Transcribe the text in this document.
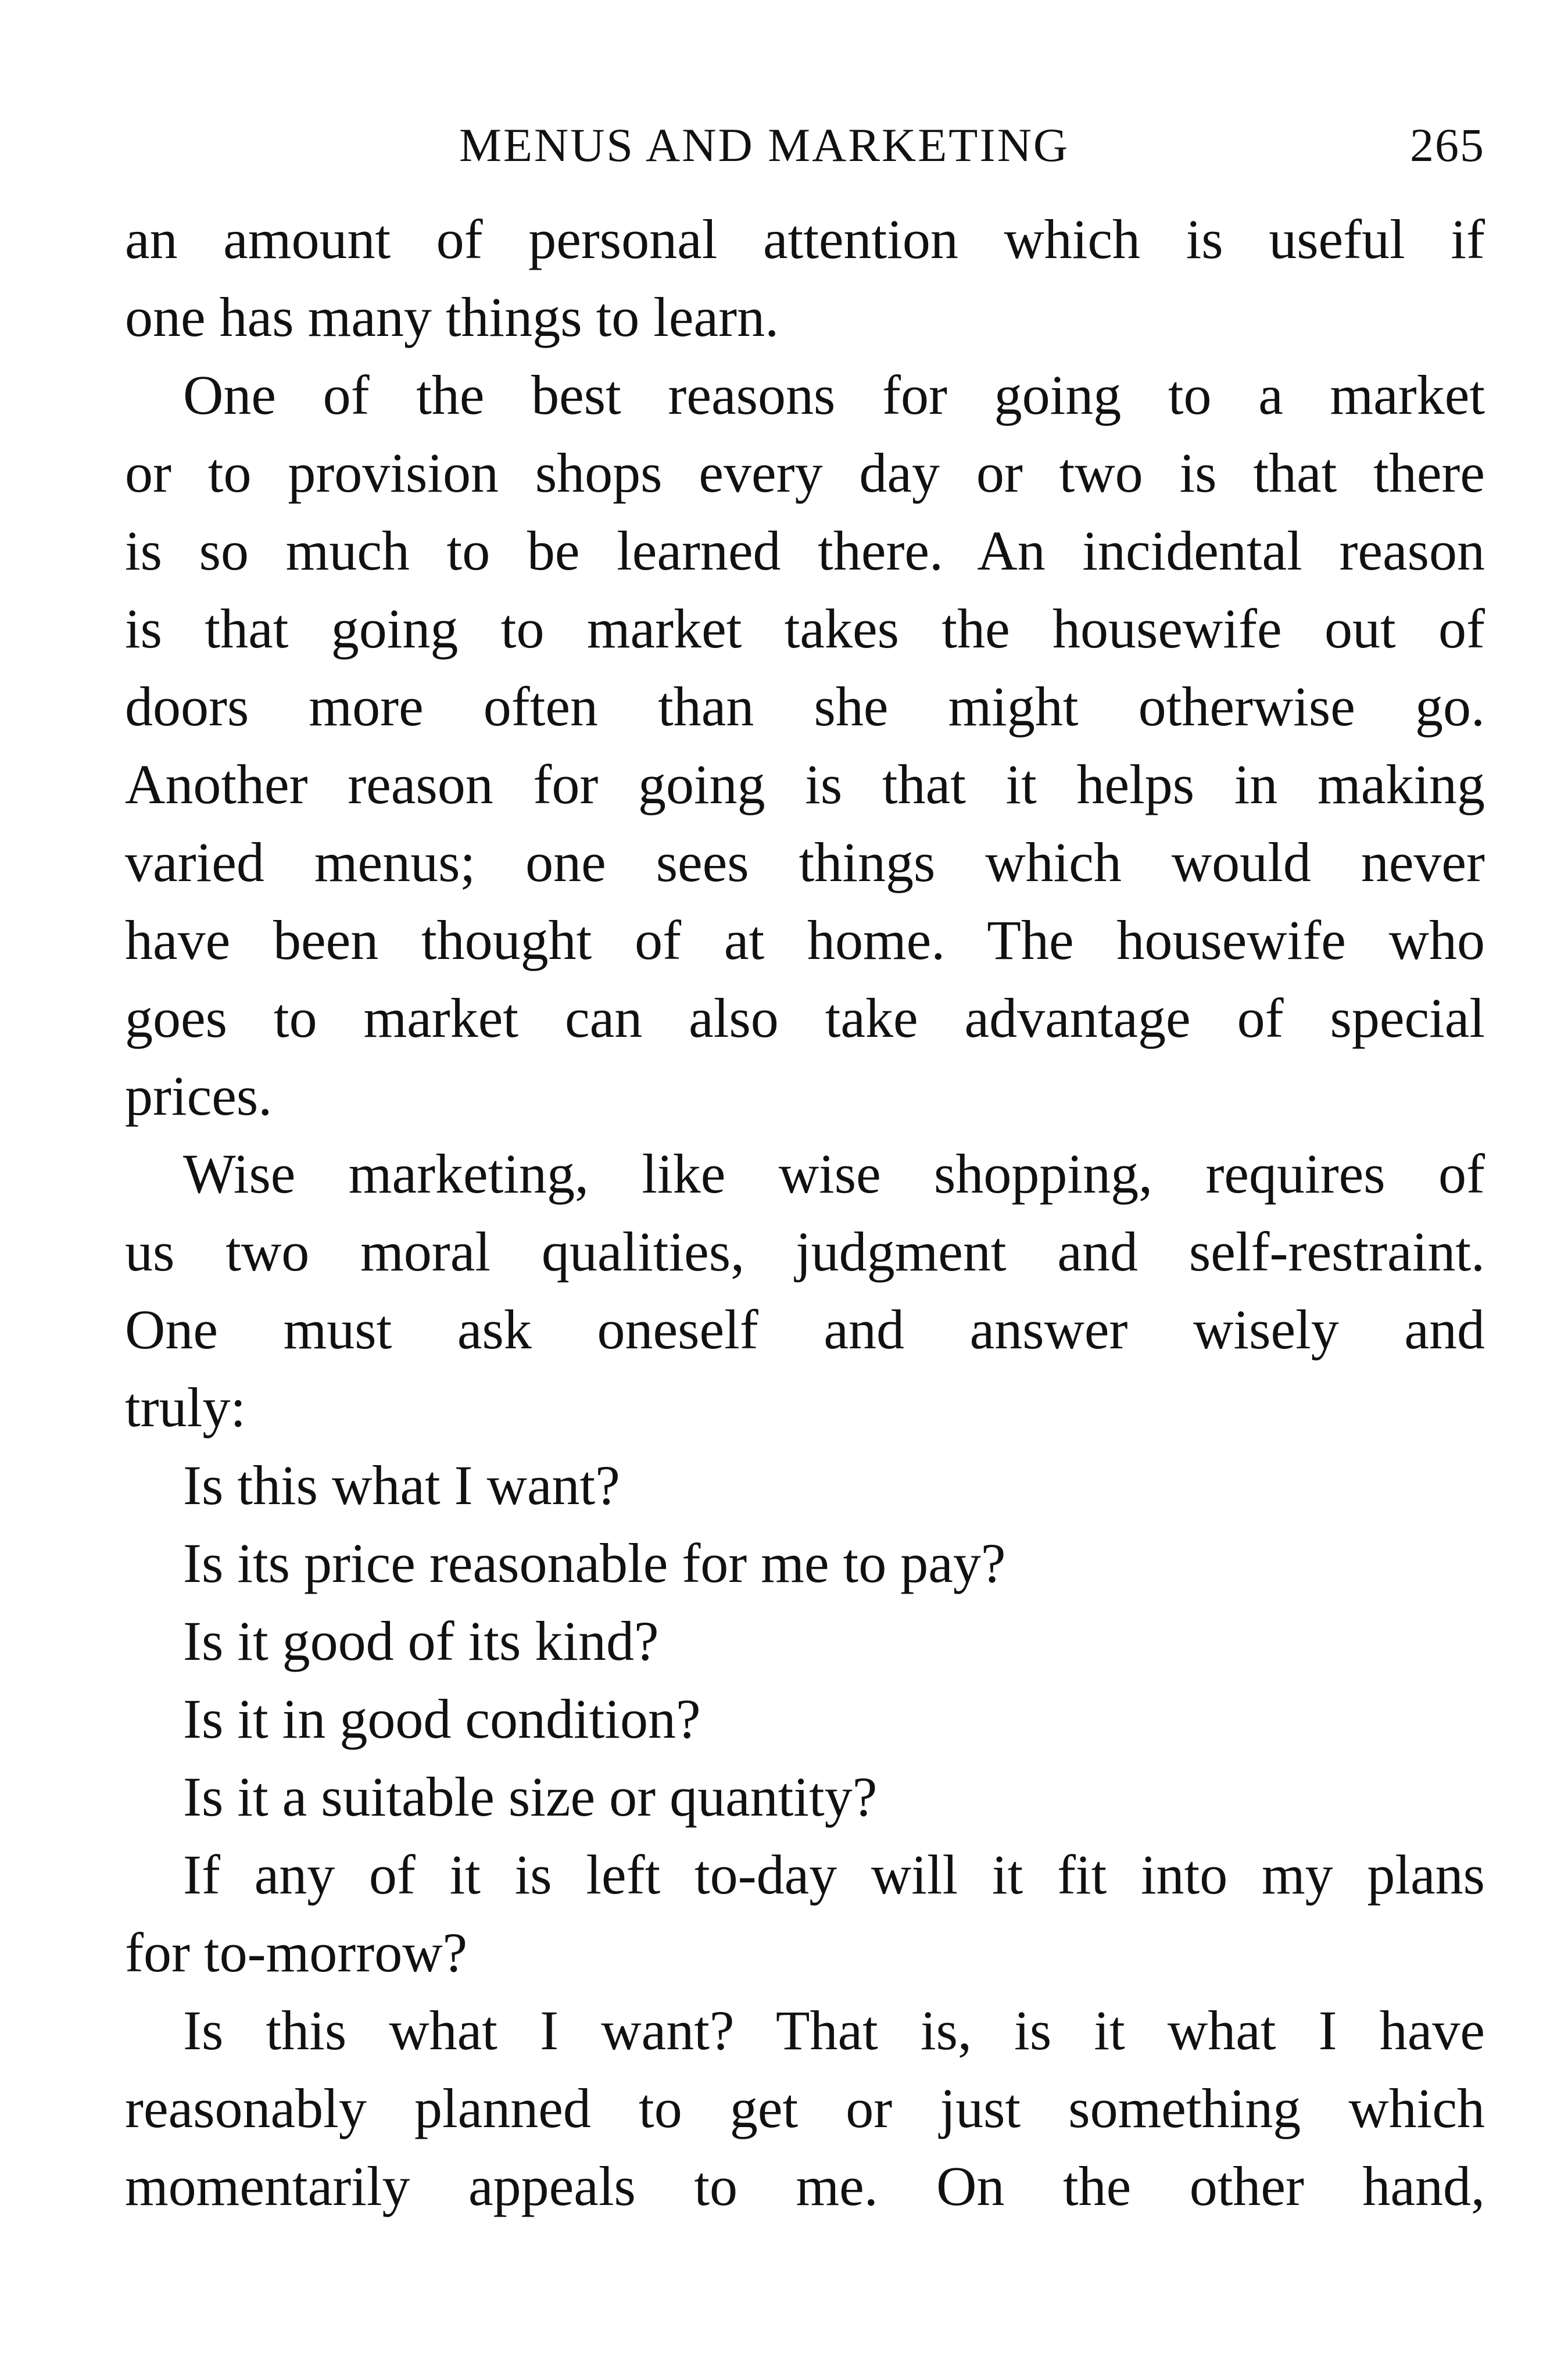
MENUS AND MARKETING	265
an amount of personal attention which is useful if
one has many things to learn.
One of the best reasons for going to a market
or to provision shops every day or two is that there
is so much to be learned there. An incidental reason
is that going to market takes the housewife out of
doors more often than she might otherwise go.
Another reason for going is that it helps in making
varied menus; one sees things which would never
have been thought of at home. The housewife who
goes to market can also take advantage of special
prices.
Wise marketing, like wise shopping, requires of
us two moral qualities, judgment and self-restraint.
One must ask oneself and answer wisely and
truly:
Is this what I want?
Is its price reasonable for me to pay?
Is it good of its kind?
Is it in good condition?
Is it a suitable size or quantity?
If any of it is left to-day will it fit into my plans
for to-morrow?
Is this what I want? That is, is it what I have
reasonably planned to get or just something which
momentarily appeals to me. On the other hand,
